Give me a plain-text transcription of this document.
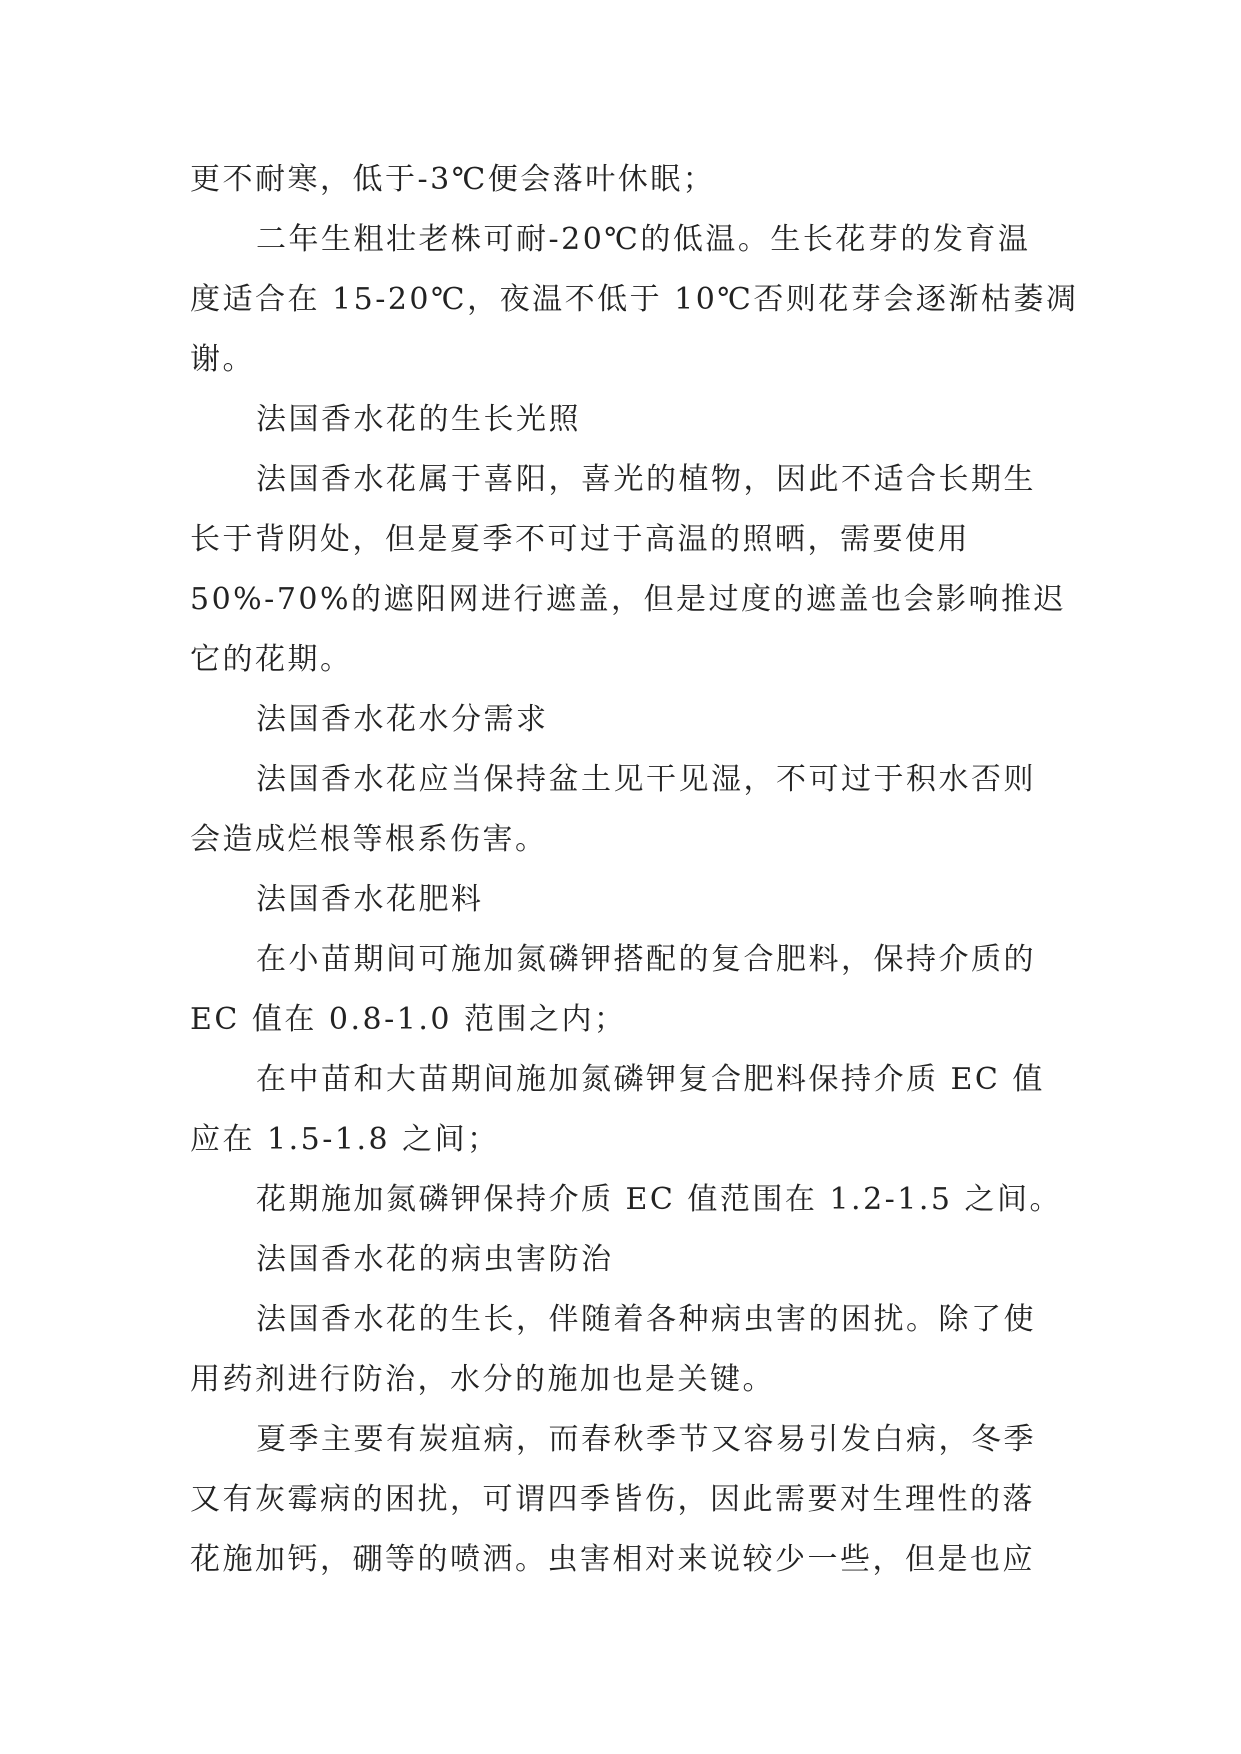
更不耐寒，低于-3℃便会落叶休眠；
二年生粗壮老株可耐-20℃的低温。生长花芽的发育温
度适合在 15-20℃，夜温不低于 10℃否则花芽会逐渐枯萎凋
谢。
法国香水花的生长光照
法国香水花属于喜阳，喜光的植物，因此不适合长期生
长于背阴处，但是夏季不可过于高温的照晒，需要使用
50%-70%的遮阳网进行遮盖，但是过度的遮盖也会影响推迟
它的花期。
法国香水花水分需求
法国香水花应当保持盆土见干见湿，不可过于积水否则
会造成烂根等根系伤害。
法国香水花肥料
在小苗期间可施加氮磷钾搭配的复合肥料，保持介质的
EC 值在 0.8-1.0 范围之内；
在中苗和大苗期间施加氮磷钾复合肥料保持介质 EC 值
应在 1.5-1.8 之间；
花期施加氮磷钾保持介质 EC 值范围在 1.2-1.5 之间。
法国香水花的病虫害防治
法国香水花的生长，伴随着各种病虫害的困扰。除了使
用药剂进行防治，水分的施加也是关键。
夏季主要有炭疽病，而春秋季节又容易引发白病，冬季
又有灰霉病的困扰，可谓四季皆伤，因此需要对生理性的落
花施加钙，硼等的喷洒。虫害相对来说较少一些，但是也应
